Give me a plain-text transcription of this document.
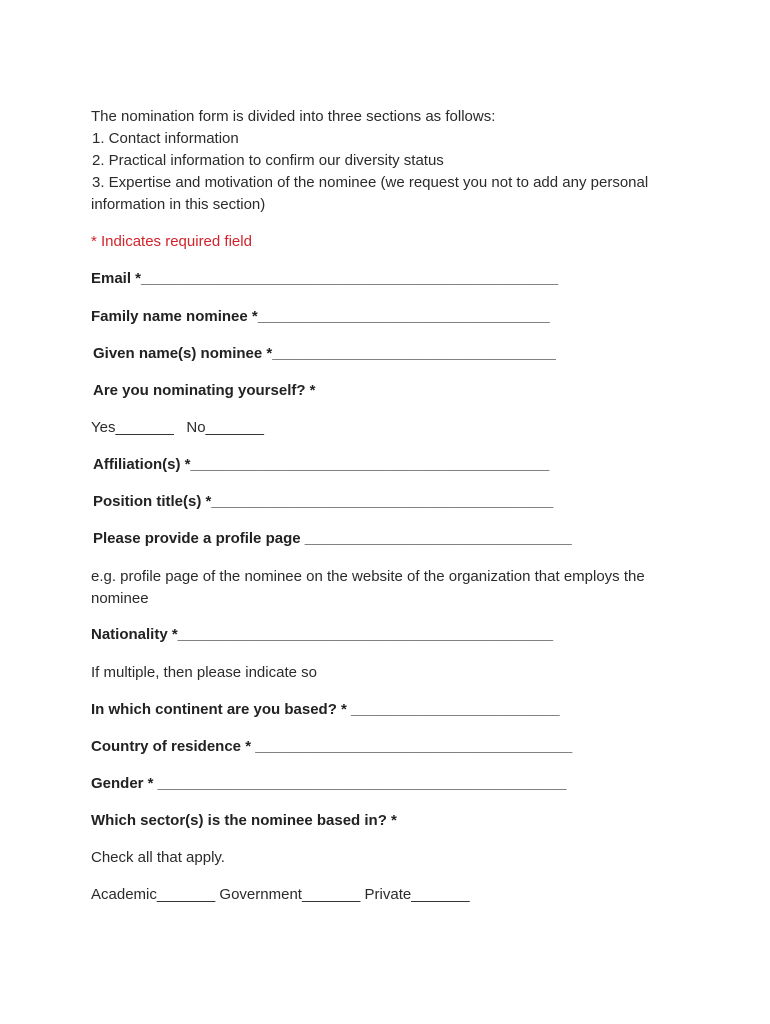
The nomination form is divided into three sections as follows:
1. Contact information
2. Practical information to confirm our diversity status
3. Expertise and motivation of the nominee (we request you not to add any personal
information in this section)
* Indicates required field
Email *__________________________________________________
Family name nominee *___________________________________
Given name(s) nominee *__________________________________
Are you nominating yourself? *
Yes_______   No_______
Affiliation(s) *___________________________________________
Position title(s) *_________________________________________
Please provide a profile page ________________________________
e.g. profile page of the nominee on the website of the organization that employs the
nominee
Nationality *_____________________________________________
If multiple, then please indicate so
In which continent are you based? * _________________________
Country of residence * ______________________________________
Gender * _________________________________________________
Which sector(s) is the nominee based in? *
Check all that apply.
Academic_______ Government_______ Private_______
